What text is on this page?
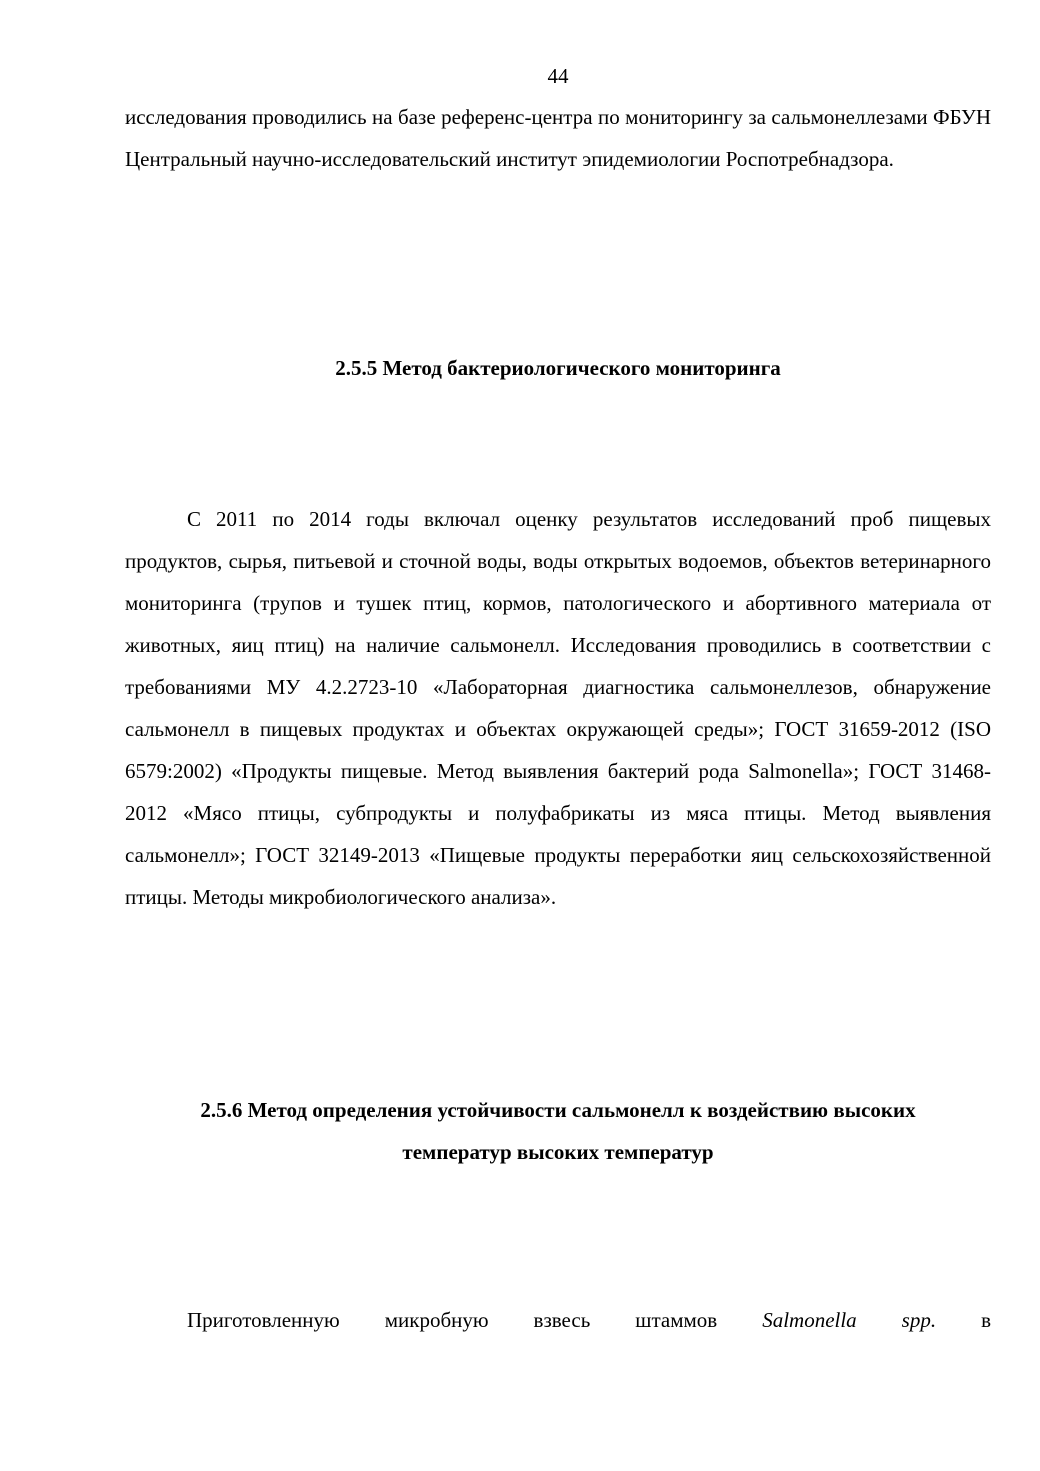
44

исследования проводились на базе референс-центра по мониторингу за сальмонеллезами ФБУН Центральный научно-исследовательский институт эпидемиологии Роспотребнадзора.

2.5.5 Метод бактериологического мониторинга

С 2011 по 2014 годы включал оценку результатов исследований проб пищевых продуктов, сырья, питьевой и сточной воды, воды открытых водоемов, объектов ветеринарного мониторинга (трупов и тушек птиц, кормов, патологического и абортивного материала от животных, яиц птиц) на наличие сальмонелл. Исследования проводились в соответствии с требованиями МУ 4.2.2723-10 «Лабораторная диагностика сальмонеллезов, обнаружение сальмонелл в пищевых продуктах и объектах окружающей среды»; ГОСТ 31659-2012 (ISO 6579:2002) «Продукты пищевые. Метод выявления бактерий рода Salmonella»; ГОСТ 31468-2012 «Мясо птицы, субпродукты и полуфабрикаты из мяса птицы. Метод выявления сальмонелл»; ГОСТ 32149-2013 «Пищевые продукты переработки яиц сельскохозяйственной птицы. Методы микробиологического анализа».

2.5.6 Метод определения устойчивости сальмонелл к воздействию высоких
температур высоких температур

Приготовленную микробную взвесь штаммов Salmonella spp. в
